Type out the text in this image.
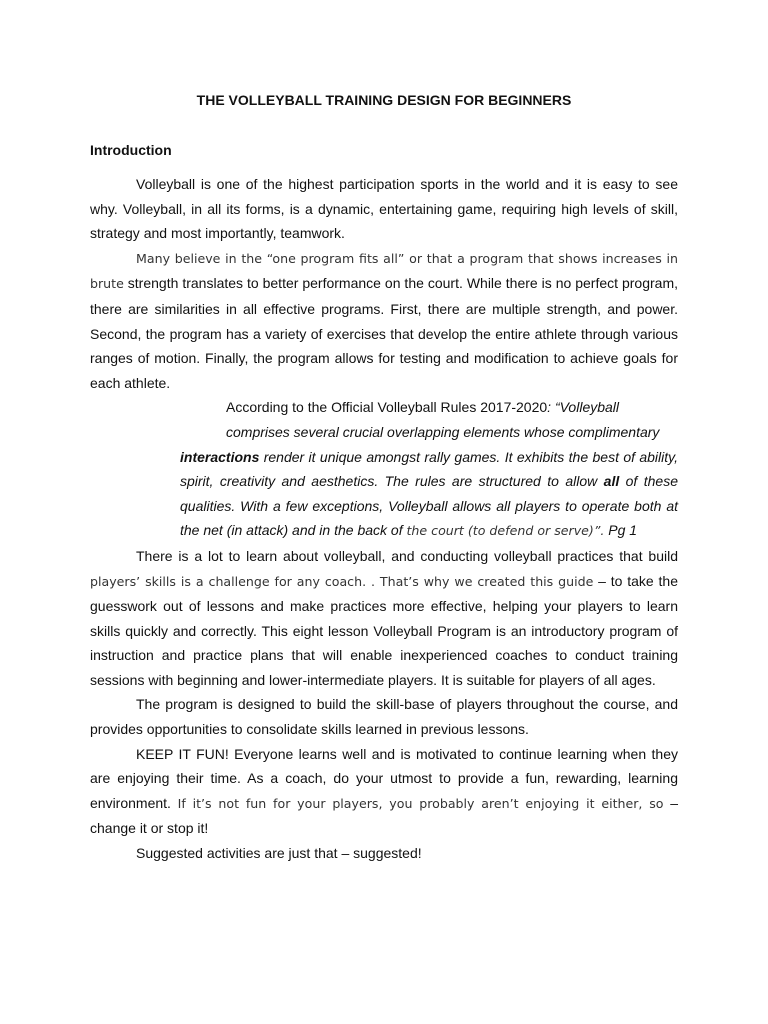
THE VOLLEYBALL TRAINING DESIGN FOR BEGINNERS
Introduction

Volleyball is one of the highest participation sports in the world and it is easy to see why. Volleyball, in all its forms, is a dynamic, entertaining game, requiring high levels of skill, strategy and most importantly, teamwork.

Many believe in the “one program fits all” or that a program that shows increases in brute strength translates to better performance on the court. While there is no perfect program, there are similarities in all effective programs. First, there are multiple strength, and power. Second, the program has a variety of exercises that develop the entire athlete through various ranges of motion. Finally, the program allows for testing and modification to achieve goals for each athlete.

According to the Official Volleyball Rules 2017-2020: “Volleyball comprises several crucial overlapping elements whose complimentary
interactions render it unique amongst rally games. It exhibits the best of ability, spirit, creativity and aesthetics. The rules are structured to allow all of these qualities. With a few exceptions, Volleyball allows all players to operate both at the net (in attack) and in the back of the court (to defend or serve)”. Pg 1

There is a lot to learn about volleyball, and conducting volleyball practices that build players’ skills is a challenge for any coach. . That’s why we created this guide – to take the guesswork out of lessons and make practices more effective, helping your players to learn skills quickly and correctly. This eight lesson Volleyball Program is an introductory program of instruction and practice plans that will enable inexperienced coaches to conduct training sessions with beginning and lower-intermediate players. It is suitable for players of all ages.

The program is designed to build the skill-base of players throughout the course, and provides opportunities to consolidate skills learned in previous lessons.

KEEP IT FUN! Everyone learns well and is motivated to continue learning when they are enjoying their time. As a coach, do your utmost to provide a fun, rewarding, learning environment. If it’s not fun for your players, you probably aren’t enjoying it either, so – change it or stop it!

Suggested activities are just that – suggested!
